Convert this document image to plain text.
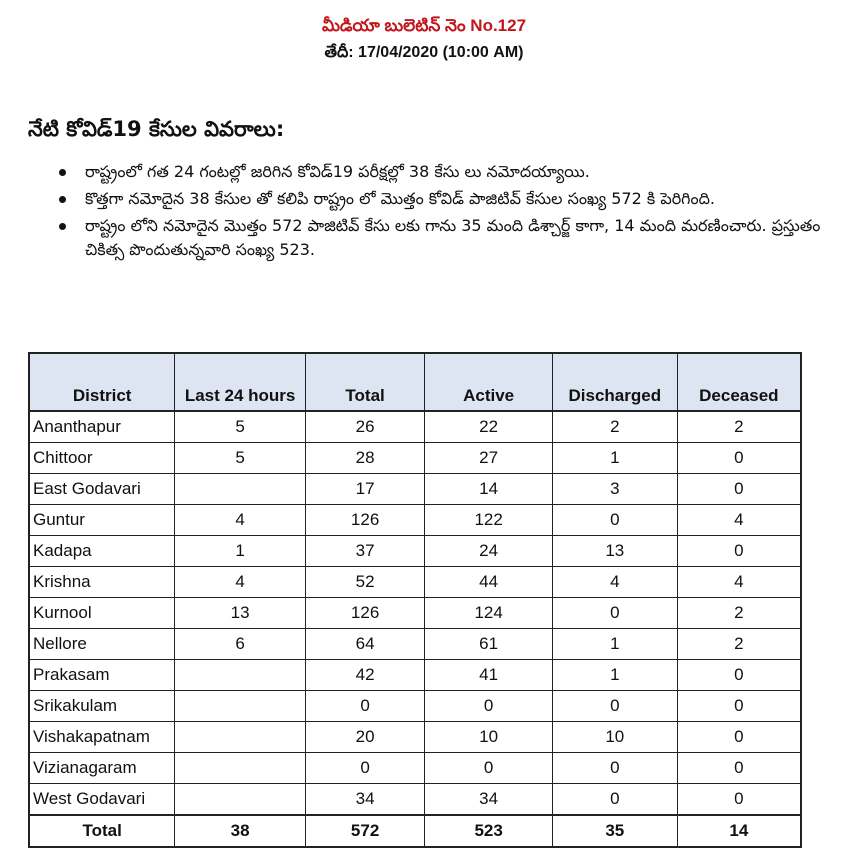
మీడియా బులెటిన్ నెం No.127
తేదీ: 17/04/2020 (10:00 AM)
నేటి కోవిడ్19 కేసుల వివరాలు:
రాష్ట్రంలో గత 24 గంటల్లో జరిగిన కోవిడ్19 పరీక్షల్లో 38 కేసు లు నమోదయ్యాయి.
కొత్తగా నమోదైన 38 కేసుల తో కలిపి రాష్ట్రం లో మొత్తం కోవిడ్ పాజిటివ్ కేసుల సంఖ్య 572 కి పెరిగింది.
రాష్ట్రం లోని నమోదైన మొత్తం 572 పాజిటివ్ కేసు లకు గాను 35 మంది డిశ్చార్జ్ కాగా, 14 మంది మరణించారు. ప్రస్తుతం చికిత్స పొందుతున్నవారి సంఖ్య 523.
District	Last 24 hours	Total	Active	Discharged	Deceased
Ananthapur	5	26	22	2	2
Chittoor	5	28	27	1	0
East Godavari		17	14	3	0
Guntur	4	126	122	0	4
Kadapa	1	37	24	13	0
Krishna	4	52	44	4	4
Kurnool	13	126	124	0	2
Nellore	6	64	61	1	2
Prakasam		42	41	1	0
Srikakulam		0	0	0	0
Vishakapatnam		20	10	10	0
Vizianagaram		0	0	0	0
West Godavari		34	34	0	0
Total	38	572	523	35	14
